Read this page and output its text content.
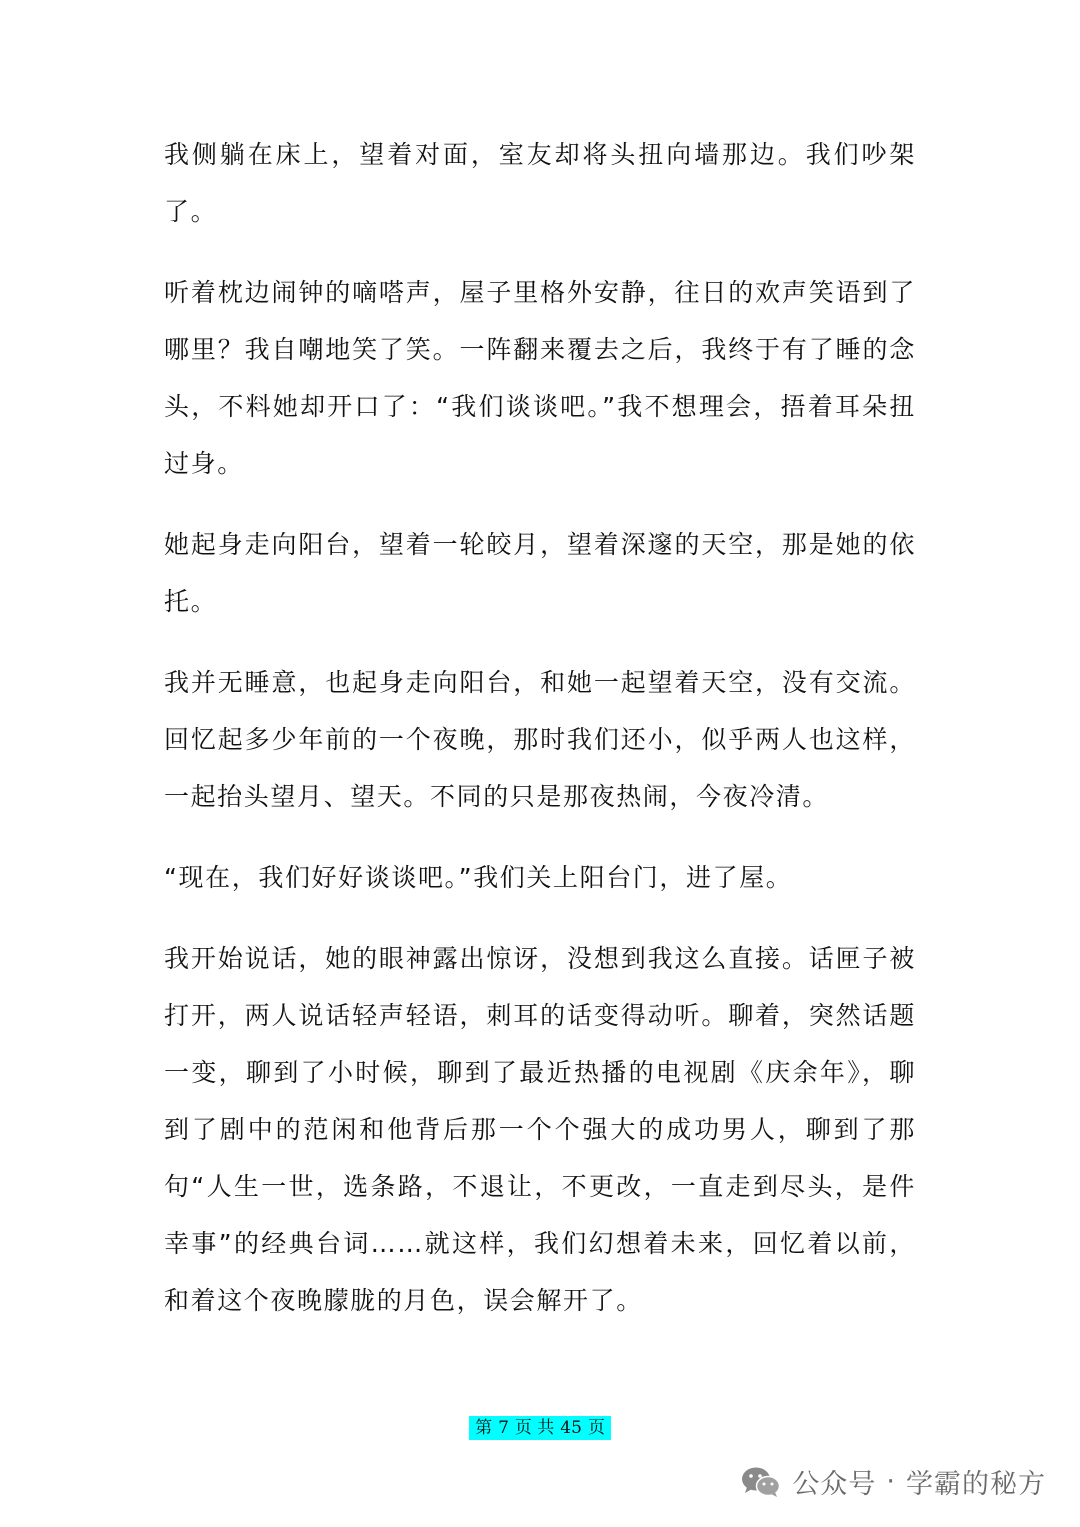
我侧躺在床上，望着对面，室友却将头扭向墙那边。我们吵架了。

听着枕边闹钟的嘀嗒声，屋子里格外安静，往日的欢声笑语到了哪里？我自嘲地笑了笑。一阵翻来覆去之后，我终于有了睡的念头，不料她却开口了：“我们谈谈吧。”我不想理会，捂着耳朵扭过身。

她起身走向阳台，望着一轮皎月，望着深邃的天空，那是她的依托。

我并无睡意，也起身走向阳台，和她一起望着天空，没有交流。回忆起多少年前的一个夜晚，那时我们还小，似乎两人也这样，一起抬头望月、望天。不同的只是那夜热闹，今夜冷清。

“现在，我们好好谈谈吧。”我们关上阳台门，进了屋。

我开始说话，她的眼神露出惊讶，没想到我这么直接。话匣子被打开，两人说话轻声轻语，刺耳的话变得动听。聊着，突然话题一变，聊到了小时候，聊到了最近热播的电视剧《庆余年》，聊到了剧中的范闲和他背后那一个个强大的成功男人，聊到了那句“人生一世，选条路，不退让，不更改，一直走到尽头，是件幸事”的经典台词……就这样，我们幻想着未来，回忆着以前，和着这个夜晚朦胧的月色，误会解开了。

第 7 页 共 45 页
公众号 · 学霸的秘方
